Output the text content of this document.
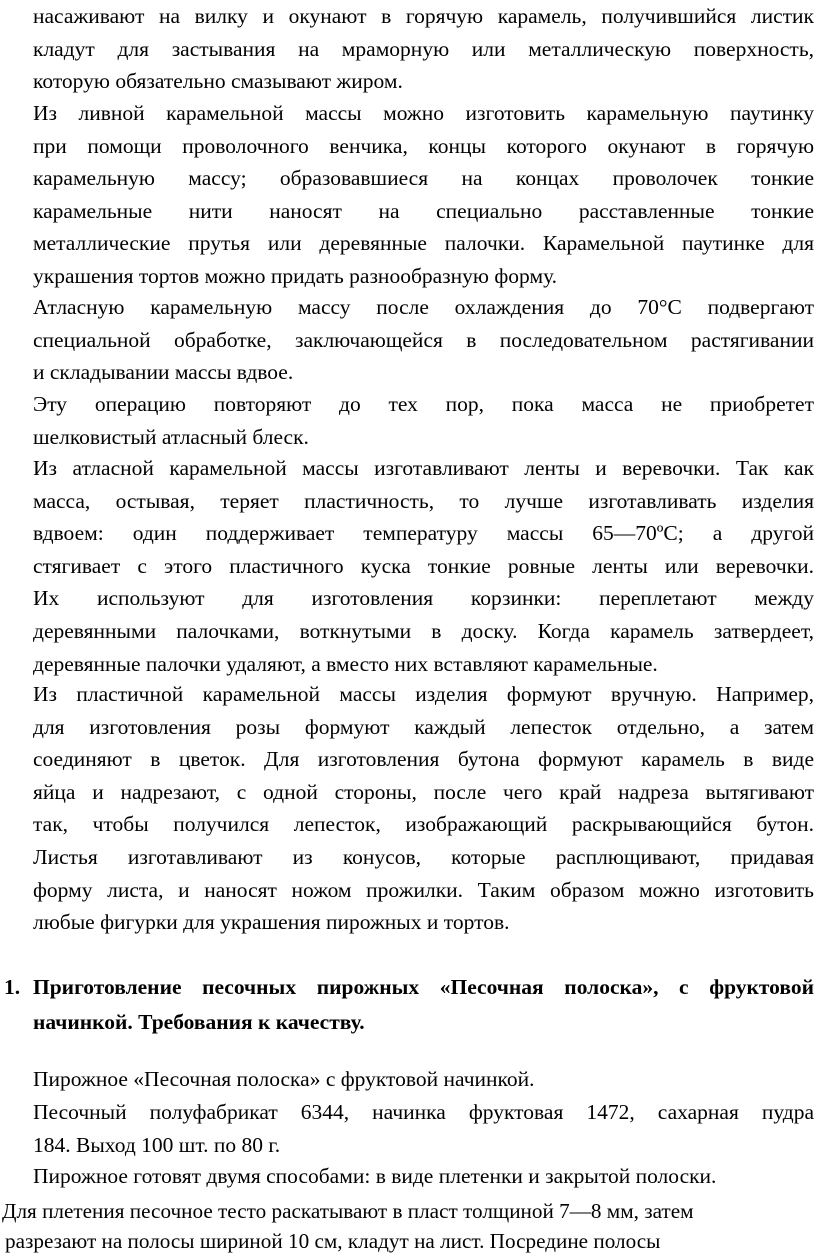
насаживают на вилку и окунают в горячую карамель, получившийся листик
кладут для застывания на мраморную или металлическую поверхность,
которую обязательно смазывают жиром.
Из ливной карамельной массы можно изготовить карамельную паутинку
при помощи проволочного венчика, концы которого окунают в горячую
карамельную массу; образовавшиеся на концах проволочек тонкие
карамельные нити наносят на специально расставленные тонкие
металлические прутья или деревянные палочки. Карамельной паутинке для
украшения тортов можно придать разнообразную форму.
Атласную карамельную массу после охлаждения до 70°С подвергают
специальной обработке, заключающейся в последовательном растягивании
и складывании массы вдвое.
Эту операцию повторяют до тех пор, пока масса не приобретет
шелковистый атласный блеск.
Из атласной карамельной массы изготавливают ленты и веревочки. Так как
масса, остывая, теряет пластичность, то лучше изготавливать изделия
вдвоем: один поддерживает температуру массы 65—70ºС; а другой
стягивает с этого пластичного куска тонкие ровные ленты или веревочки.
Их используют для изготовления корзинки: переплетают между
деревянными палочками, воткнутыми в доску. Когда карамель затвердеет,
деревянные палочки удаляют, а вместо них вставляют карамельные.
Из пластичной карамельной массы изделия формуют вручную. Например,
для изготовления розы формуют каждый лепесток отдельно, а затем
соединяют в цветок. Для изготовления бутона формуют карамель в виде
яйца и надрезают, с одной стороны, после чего край надреза вытягивают
так, чтобы получился лепесток, изображающий раскрывающийся бутон.
Листья изготавливают из конусов, которые расплющивают, придавая
форму листа, и наносят ножом прожилки. Таким образом можно изготовить
любые фигурки для украшения пирожных и тортов.
1. Приготовление песочных пирожных «Песочная полоска», с фруктовой
начинкой. Требования к качеству.
Пирожное «Песочная полоска» с фруктовой начинкой.
Песочный полуфабрикат 6344, начинка фруктовая 1472, сахарная пудра
184. Выход 100 шт. по 80 г.
Пирожное готовят двумя способами: в виде плетенки и закрытой полоски.
Для плетения песочное тесто раскатывают в пласт толщиной 7—8 мм, затем
разрезают на полосы шириной 10 см, кладут на лист. Посредине полосы
